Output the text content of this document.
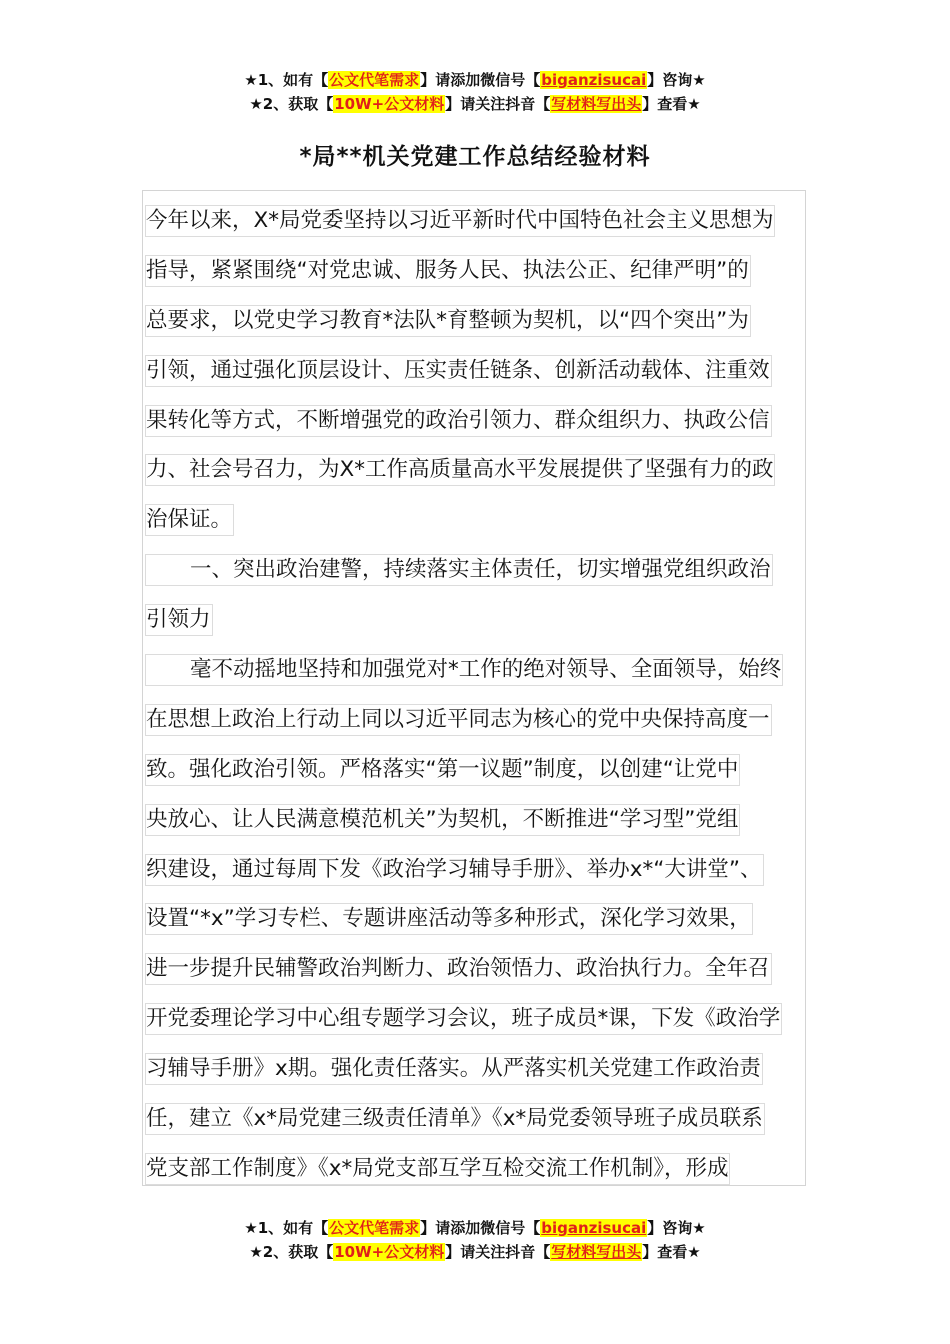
★1、如有【公文代笔需求】请添加微信号【biganzisucai】咨询★
★2、获取【10W+公文材料】请关注抖音【写材料写出头】查看★
*局**机关党建工作总结经验材料
今年以来，X*局党委坚持以习近平新时代中国特色社会主义思想为
指导，紧紧围绕“对党忠诚、服务人民、执法公正、纪律严明”的
总要求，以党史学习教育*法队*育整顿为契机，以“四个突出”为
引领，通过强化顶层设计、压实责任链条、创新活动载体、注重效
果转化等方式，不断增强党的政治引领力、群众组织力、执政公信
力、社会号召力，为X*工作高质量高水平发展提供了坚强有力的政
治保证。
一、突出政治建警，持续落实主体责任，切实增强党组织政治
引领力
毫不动摇地坚持和加强党对*工作的绝对领导、全面领导，始终
在思想上政治上行动上同以习近平同志为核心的党中央保持高度一
致。强化政治引领。严格落实“第一议题”制度，以创建“让党中
央放心、让人民满意模范机关”为契机，不断推进“学习型”党组
织建设，通过每周下发《政治学习辅导手册》、举办x*“大讲堂”、
设置“*x”学习专栏、专题讲座活动等多种形式，深化学习效果，
进一步提升民辅警政治判断力、政治领悟力、政治执行力。全年召
开党委理论学习中心组专题学习会议，班子成员*课，下发《政治学
习辅导手册》x期。强化责任落实。从严落实机关党建工作政治责
任，建立《x*局党建三级责任清单》《x*局党委领导班子成员联系
党支部工作制度》《x*局党支部互学互检交流工作机制》，形成
★1、如有【公文代笔需求】请添加微信号【biganzisucai】咨询★
★2、获取【10W+公文材料】请关注抖音【写材料写出头】查看★
